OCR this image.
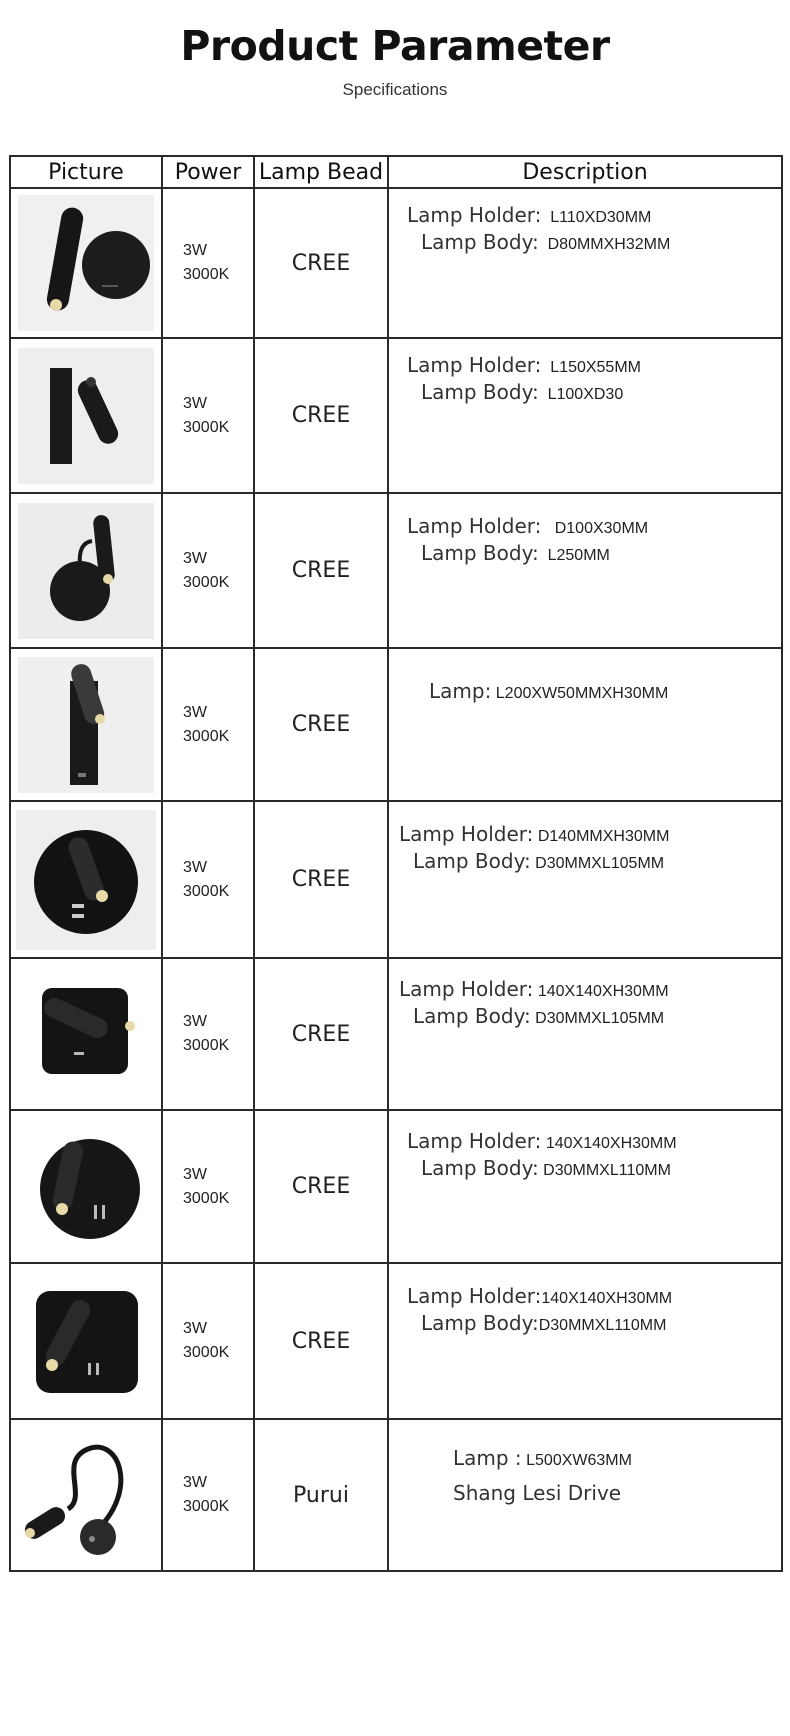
Product Parameter
Specifications
Picture	Power	Lamp Bead	Description

3W
3000K	CREE	Lamp Holder: L110XD30MM
Lamp Body: D80MMXH32MM

3W
3000K	CREE	Lamp Holder: L150X55MM
Lamp Body: L100XD30

3W
3000K	CREE	Lamp Holder: D100X30MM
Lamp Body: L250MM

3W
3000K	CREE	Lamp: L200XW50MMXH30MM

3W
3000K	CREE	Lamp Holder: D140MMXH30MM
Lamp Body: D30MMXL105MM

3W
3000K	CREE	Lamp Holder: 140X140XH30MM
Lamp Body: D30MMXL105MM

3W
3000K	CREE	Lamp Holder: 140X140XH30MM
Lamp Body: D30MMXL110MM

3W
3000K	CREE	Lamp Holder:140X140XH30MM
Lamp Body:D30MMXL110MM

3W
3000K	Purui	Lamp : L500XW63MM
Shang Lesi Drive
